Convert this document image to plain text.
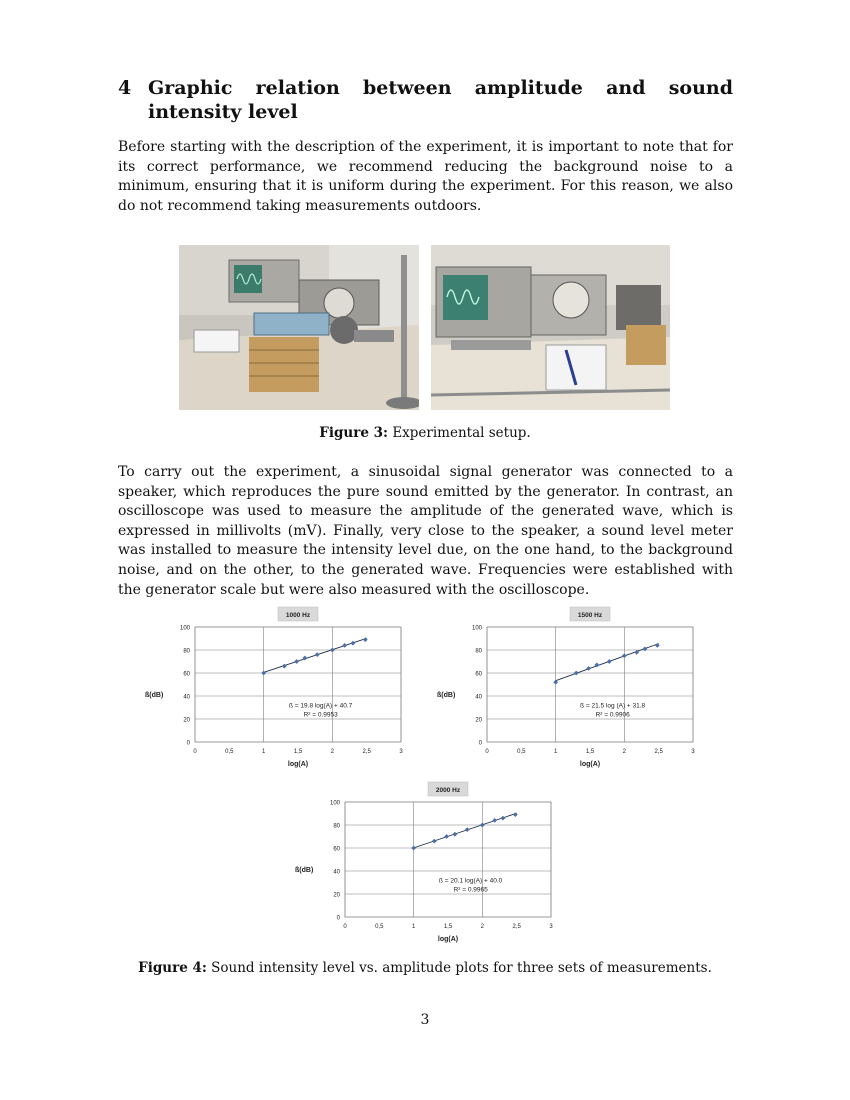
4 Graphic relation between amplitude and sound intensity level

Before starting with the description of the experiment, it is important to note that for its correct performance, we recommend reducing the background noise to a minimum, ensuring that it is uniform during the experiment. For this reason, we also do not recommend taking measurements outdoors.

Figure 3: Experimental setup.

To carry out the experiment, a sinusoidal signal generator was connected to a speaker, which reproduces the pure sound emitted by the generator. In contrast, an oscilloscope was used to measure the amplitude of the generated wave, which is expressed in millivolts (mV). Finally, very close to the speaker, a sound level meter was installed to measure the intensity level due, on the one hand, to the background noise, and on the other, to the generated wave. Frequencies were established with the generator scale but were also measured with the oscilloscope.

0
20
40
60
80
100
0	0,5	1	1,5	2	2,5	3
1000 Hz
log(A)
ß(dB)
ß = 19.8 log(A) + 40.7
R² = 0.9953
0
20
40
60
80
100
0	0,5	1	1,5	2	2,5	3
1500 Hz
log(A)
ß(dB)
ß = 21.5 log (A) + 31.8
R² = 0.9906
0
20
40
60
80
100
0	0,5	1	1,5	2	2,5	3
2000 Hz
log(A)
ß(dB)
ß = 20.1 log(A) + 40.0
R² = 0.9965
Figure 4: Sound intensity level vs. amplitude plots for three sets of measurements.
3
